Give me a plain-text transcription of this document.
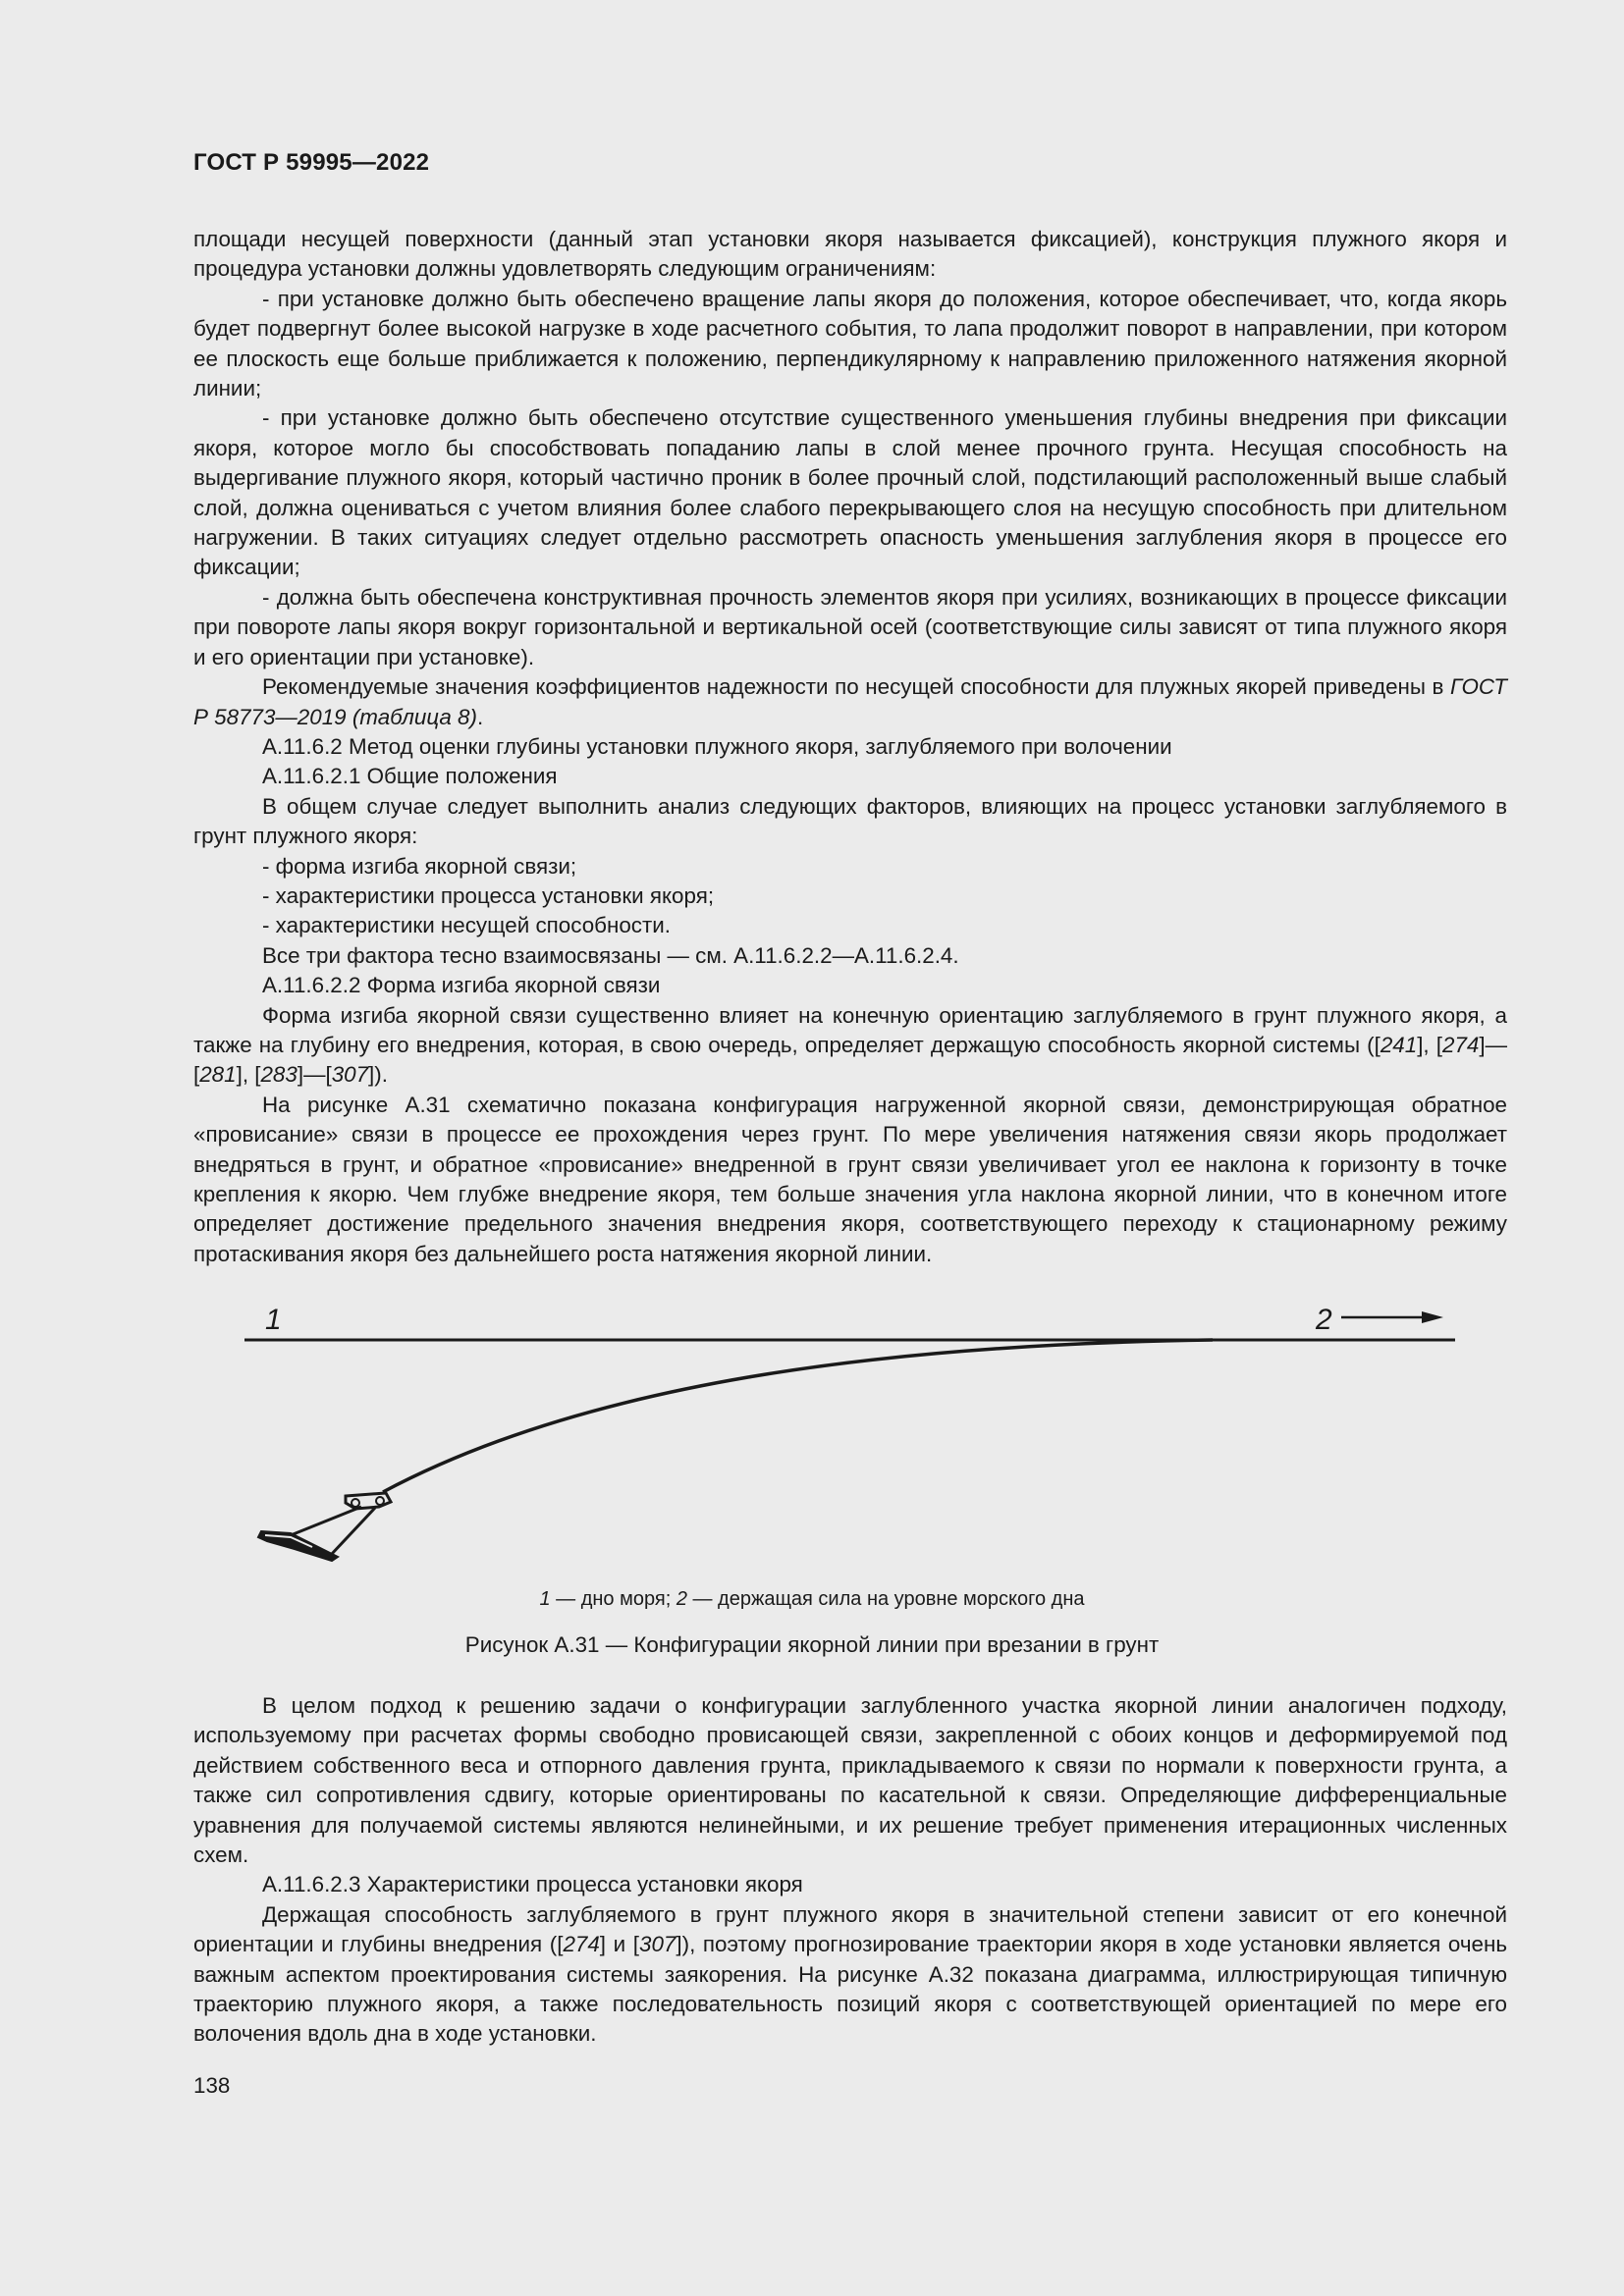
ГОСТ Р 59995—2022

площади несущей поверхности (данный этап установки якоря называется фиксацией), конструкция плужного якоря и процедура установки должны удовлетворять следующим ограничениям:

- при установке должно быть обеспечено вращение лапы якоря до положения, которое обеспечивает, что, когда якорь будет подвергнут более высокой нагрузке в ходе расчетного события, то лапа продолжит поворот в направлении, при котором ее плоскость еще больше приближается к положению, перпендикулярному к направлению приложенного натяжения якорной линии;

- при установке должно быть обеспечено отсутствие существенного уменьшения глубины внедрения при фиксации якоря, которое могло бы способствовать попаданию лапы в слой менее прочного грунта. Несущая способность на выдергивание плужного якоря, который частично проник в более прочный слой, подстилающий расположенный выше слабый слой, должна оцениваться с учетом влияния более слабого перекрывающего слоя на несущую способность при длительном нагружении. В таких ситуациях следует отдельно рассмотреть опасность уменьшения заглубления якоря в процессе его фиксации;

- должна быть обеспечена конструктивная прочность элементов якоря при усилиях, возникающих в процессе фиксации при повороте лапы якоря вокруг горизонтальной и вертикальной осей (соответствующие силы зависят от типа плужного якоря и его ориентации при установке).

Рекомендуемые значения коэффициентов надежности по несущей способности для плужных якорей приведены в ГОСТ Р 58773—2019 (таблица 8).

А.11.6.2 Метод оценки глубины установки плужного якоря, заглубляемого при волочении

А.11.6.2.1 Общие положения

В общем случае следует выполнить анализ следующих факторов, влияющих на процесс установки заглубляемого в грунт плужного якоря:

- форма изгиба якорной связи;

- характеристики процесса установки якоря;

- характеристики несущей способности.

Все три фактора тесно взаимосвязаны — см. А.11.6.2.2—А.11.6.2.4.

А.11.6.2.2 Форма изгиба якорной связи

Форма изгиба якорной связи существенно влияет на конечную ориентацию заглубляемого в грунт плужного якоря, а также на глубину его внедрения, которая, в свою очередь, определяет держащую способность якорной системы ([241], [274]—[281], [283]—[307]).

На рисунке А.31 схематично показана конфигурация нагруженной якорной связи, демонстрирующая обратное «провисание» связи в процессе ее прохождения через грунт. По мере увеличения натяжения связи якорь продолжает внедряться в грунт, и обратное «провисание» внедренной в грунт связи увеличивает угол ее наклона к горизонту в точке крепления к якорю. Чем глубже внедрение якоря, тем больше значения угла наклона якорной линии, что в конечном итоге определяет достижение предельного значения внедрения якоря, соответствующего переходу к стационарному режиму протаскивания якоря без дальнейшего роста натяжения якорной линии.

1	2
1 — дно моря; 2 — держащая сила на уровне морского дна
Рисунок А.31 — Конфигурации якорной линии при врезании в грунт

В целом подход к решению задачи о конфигурации заглубленного участка якорной линии аналогичен подходу, используемому при расчетах формы свободно провисающей связи, закрепленной с обоих концов и деформируемой под действием собственного веса и отпорного давления грунта, прикладываемого к связи по нормали к поверхности грунта, а также сил сопротивления сдвигу, которые ориентированы по касательной к связи. Определяющие дифференциальные уравнения для получаемой системы являются нелинейными, и их решение требует применения итерационных численных схем.

А.11.6.2.3 Характеристики процесса установки якоря

Держащая способность заглубляемого в грунт плужного якоря в значительной степени зависит от его конечной ориентации и глубины внедрения ([274] и [307]), поэтому прогнозирование траектории якоря в ходе установки является очень важным аспектом проектирования системы заякорения. На рисунке А.32 показана диаграмма, иллюстрирующая типичную траекторию плужного якоря, а также последовательность позиций якоря с соответствующей ориентацией по мере его волочения вдоль дна в ходе установки.

138
